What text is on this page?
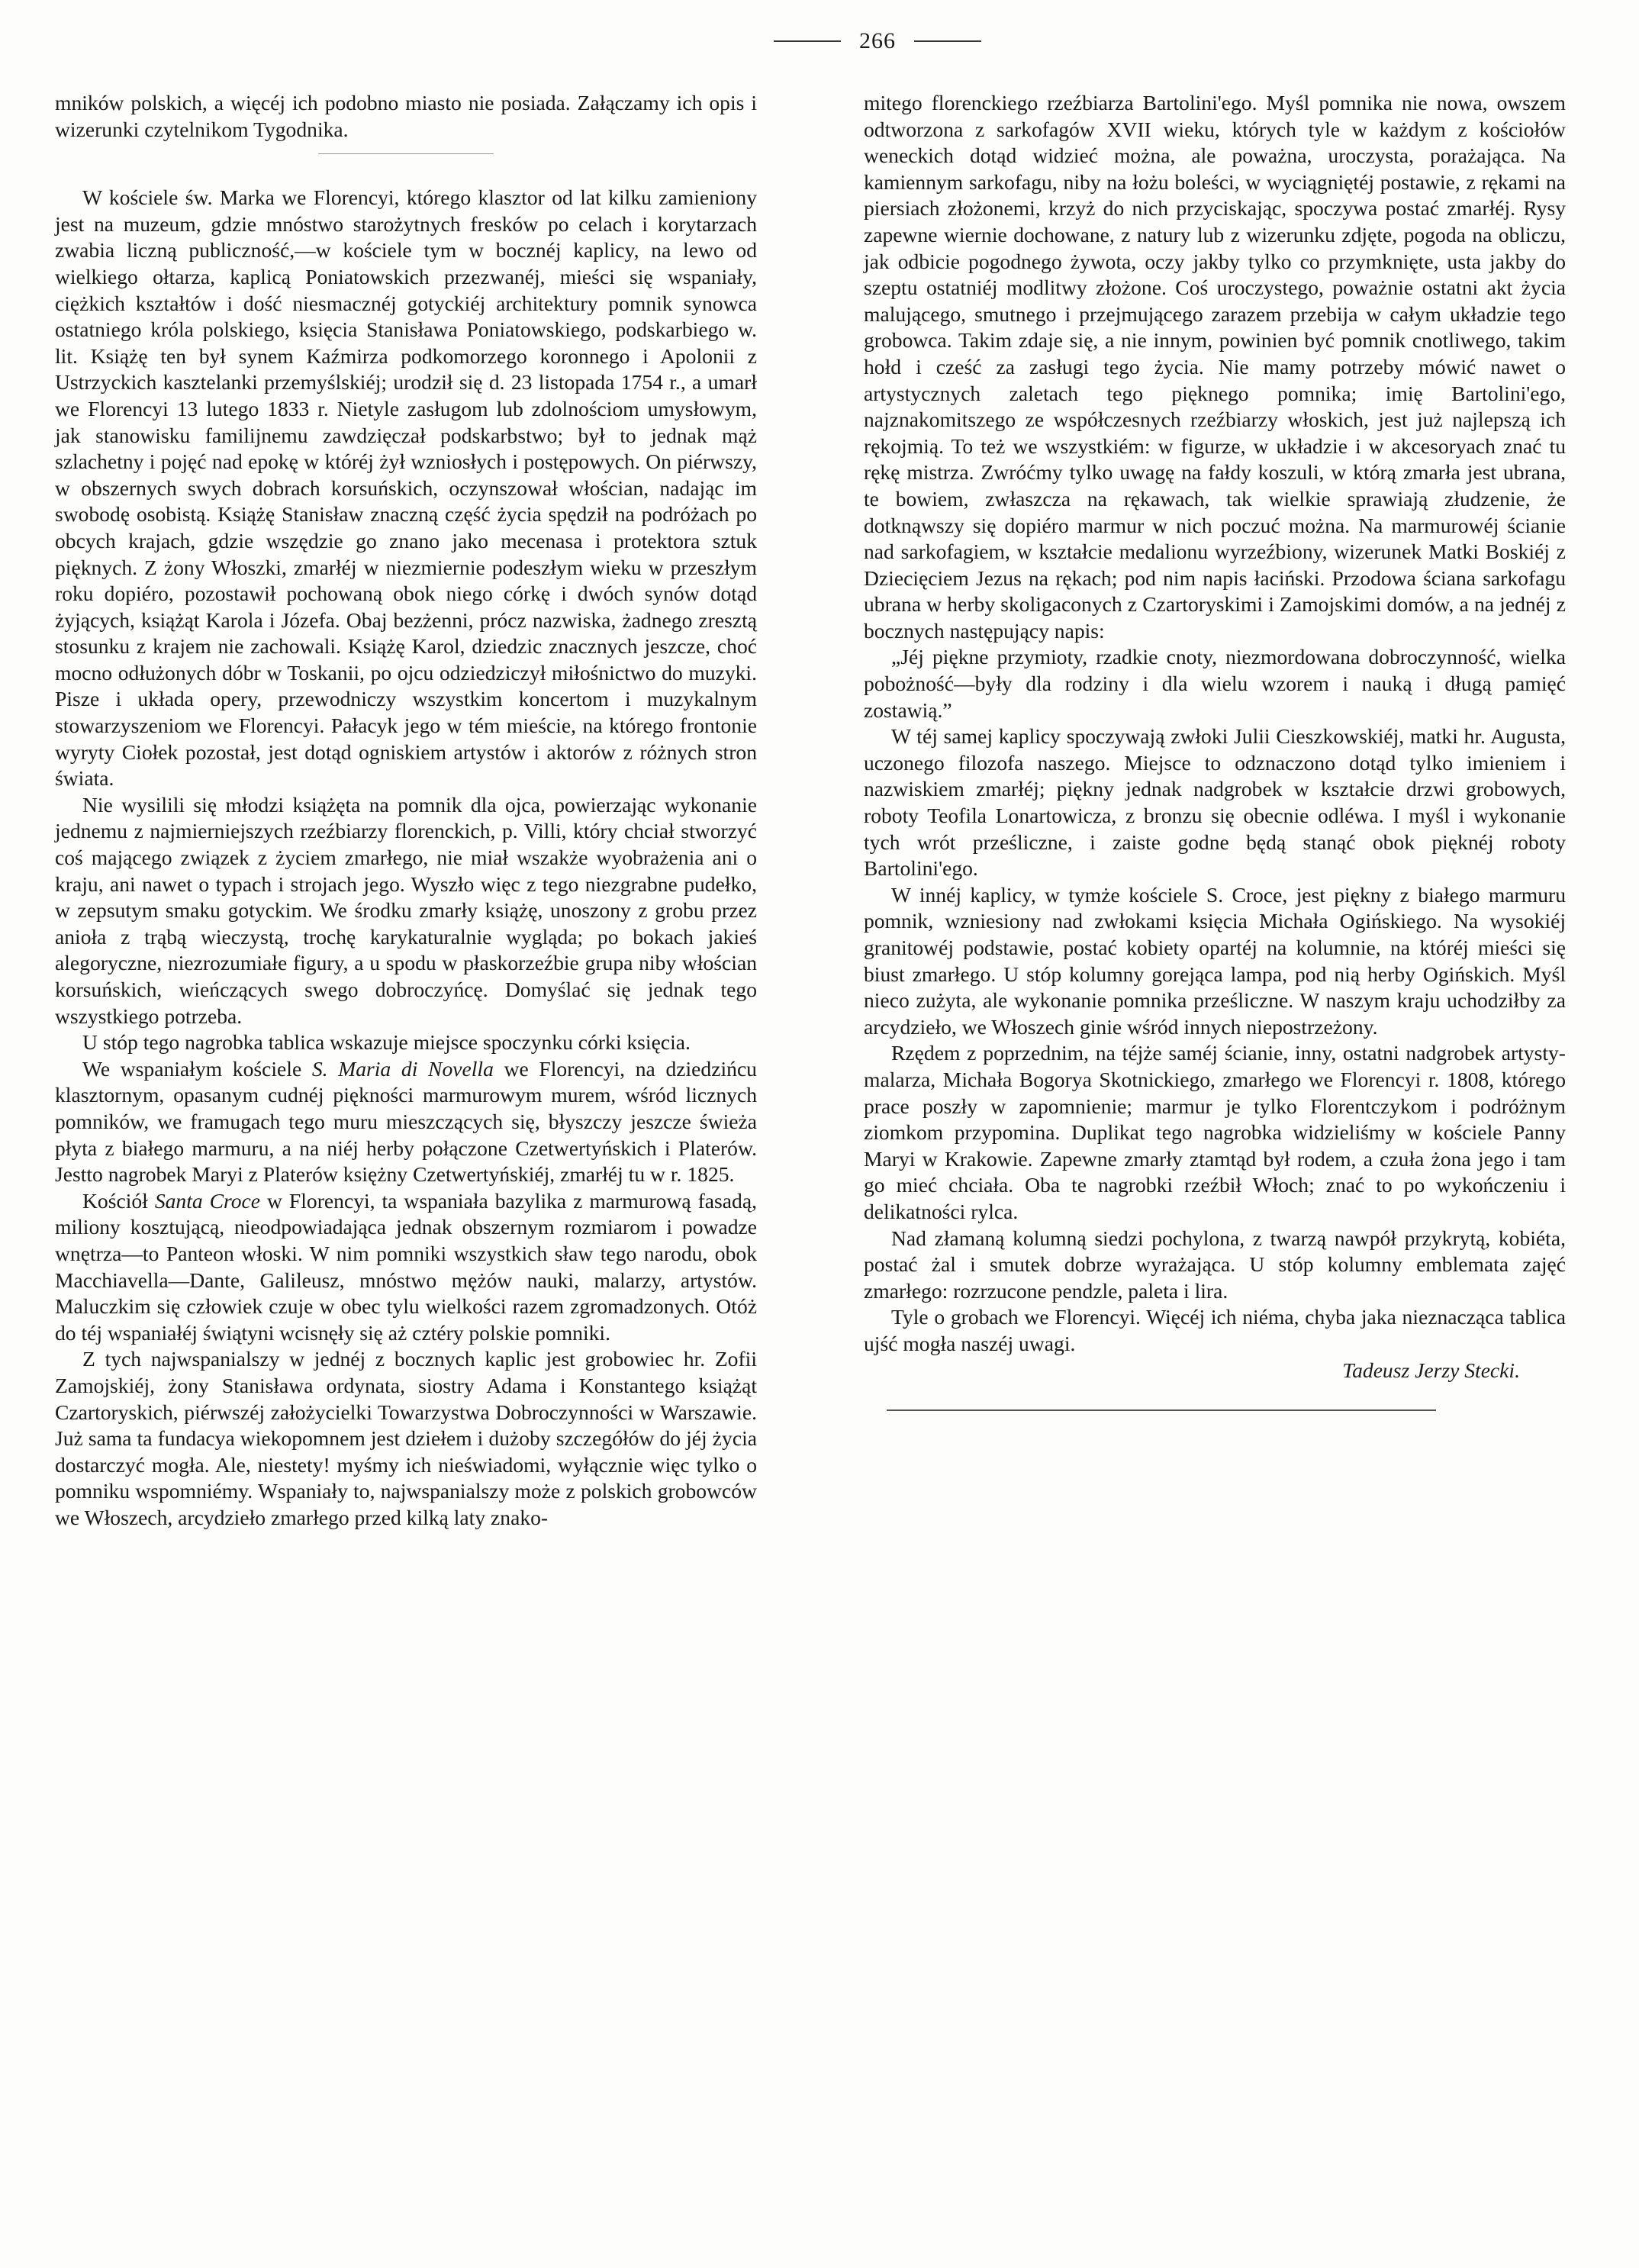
266

mników polskich, a więcéj ich podobno miasto nie posiada. Załączamy ich opis i wizerunki czytelnikom Tygodnika.

W kościele św. Marka we Florencyi, którego klasztor od lat kilku zamieniony jest na muzeum, gdzie mnóstwo starożytnych fresków po celach i korytarzach zwabia liczną publiczność,—w kościele tym w bocznéj kaplicy, na lewo od wielkiego ołtarza, kaplicą Poniatowskich przezwanéj, mieści się wspaniały, ciężkich kształtów i dość niesmacznéj gotyckiéj architektury pomnik synowca ostatniego króla polskiego, księcia Stanisława Poniatowskiego, podskarbiego w. lit. Książę ten był synem Kaźmirza podkomorzego koronnego i Apolonii z Ustrzyckich kasztelanki przemyślskiéj; urodził się d. 23 listopada 1754 r., a umarł we Florencyi 13 lutego 1833 r. Nietyle zasługom lub zdolnościom umysłowym, jak stanowisku familijnemu zawdzięczał podskarbstwo; był to jednak mąż szlachetny i pojęć nad epokę w któréj żył wzniosłych i postępowych. On piérwszy, w obszernych swych dobrach korsuńskich, oczynszował włościan, nadając im swobodę osobistą. Książę Stanisław znaczną część życia spędził na podróżach po obcych krajach, gdzie wszędzie go znano jako mecenasa i protektora sztuk pięknych. Z żony Włoszki, zmarłéj w niezmiernie podeszłym wieku w przeszłym roku dopiéro, pozostawił pochowaną obok niego córkę i dwóch synów dotąd żyjących, książąt Karola i Józefa. Obaj bezżenni, prócz nazwiska, żadnego zresztą stosunku z krajem nie zachowali. Książę Karol, dziedzic znacznych jeszcze, choć mocno odłużonych dóbr w Toskanii, po ojcu odziedziczył miłośnictwo do muzyki. Pisze i układa opery, przewodniczy wszystkim koncertom i muzykalnym stowarzyszeniom we Florencyi. Pałacyk jego w tém mieście, na którego frontonie wyryty Ciołek pozostał, jest dotąd ogniskiem artystów i aktorów z różnych stron świata.

Nie wysilili się młodzi książęta na pomnik dla ojca, powierzając wykonanie jednemu z najmierniejszych rzeźbiarzy florenckich, p. Villi, który chciał stworzyć coś mającego związek z życiem zmarłego, nie miał wszakże wyobrażenia ani o kraju, ani nawet o typach i strojach jego. Wyszło więc z tego niezgrabne pudełko, w zepsutym smaku gotyckim. We środku zmarły książę, unoszony z grobu przez anioła z trąbą wieczystą, trochę karykaturalnie wygląda; po bokach jakieś alegoryczne, niezrozumiałe figury, a u spodu w płaskorzeźbie grupa niby włościan korsuńskich, wieńczących swego dobroczyńcę. Domyślać się jednak tego wszystkiego potrzeba.

U stóp tego nagrobka tablica wskazuje miejsce spoczynku córki księcia.

We wspaniałym kościele S. Maria di Novella we Florencyi, na dziedzińcu klasztornym, opasanym cudnéj piękności marmurowym murem, wśród licznych pomników, we framugach tego muru mieszczących się, błyszczy jeszcze świeża płyta z białego marmuru, a na niéj herby połączone Czetwertyńskich i Platerów. Jestto nagrobek Maryi z Platerów księżny Czetwertyńskiéj, zmarłéj tu w r. 1825.

Kościół Santa Croce w Florencyi, ta wspaniała bazylika z marmurową fasadą, miliony kosztującą, nieodpowiadająca jednak obszernym rozmiarom i powadze wnętrza—to Panteon włoski. W nim pomniki wszystkich sław tego narodu, obok Macchiavella—Dante, Galileusz, mnóstwo mężów nauki, malarzy, artystów. Maluczkim się człowiek czuje w obec tylu wielkości razem zgromadzonych. Otóż do téj wspaniałéj świątyni wcisnęły się aż cztéry polskie pomniki.

Z tych najwspanialszy w jednéj z bocznych kaplic jest grobowiec hr. Zofii Zamojskiéj, żony Stanisława ordynata, siostry Adama i Konstantego książąt Czartoryskich, piérwszéj założycielki Towarzystwa Dobroczynności w Warszawie. Już sama ta fundacya wiekopomnem jest dziełem i dużoby szczegółów do jéj życia dostarczyć mogła. Ale, niestety! myśmy ich nieświadomi, wyłącznie więc tylko o pomniku wspomniémy. Wspaniały to, najwspanialszy może z polskich grobowców we Włoszech, arcydzieło zmarłego przed kilką laty znako-

mitego florenckiego rzeźbiarza Bartolini'ego. Myśl pomnika nie nowa, owszem odtworzona z sarkofagów XVII wieku, których tyle w każdym z kościołów weneckich dotąd widzieć można, ale poważna, uroczysta, porażająca. Na kamiennym sarkofagu, niby na łożu boleści, w wyciągniętéj postawie, z rękami na piersiach złożonemi, krzyż do nich przyciskając, spoczywa postać zmarłéj. Rysy zapewne wiernie dochowane, z natury lub z wizerunku zdjęte, pogoda na obliczu, jak odbicie pogodnego żywota, oczy jakby tylko co przymknięte, usta jakby do szeptu ostatniéj modlitwy złożone. Coś uroczystego, poważnie ostatni akt życia malującego, smutnego i przejmującego zarazem przebija w całym układzie tego grobowca. Takim zdaje się, a nie innym, powinien być pomnik cnotliwego, takim hołd i cześć za zasługi tego życia. Nie mamy potrzeby mówić nawet o artystycznych zaletach tego pięknego pomnika; imię Bartolini'ego, najznakomitszego ze współczesnych rzeźbiarzy włoskich, jest już najlepszą ich rękojmią. To też we wszystkiém: w figurze, w układzie i w akcesoryach znać tu rękę mistrza. Zwróćmy tylko uwagę na fałdy koszuli, w którą zmarła jest ubrana, te bowiem, zwłaszcza na rękawach, tak wielkie sprawiają złudzenie, że dotknąwszy się dopiéro marmur w nich poczuć można. Na marmurowéj ścianie nad sarkofagiem, w kształcie medalionu wyrzeźbiony, wizerunek Matki Boskiéj z Dziecięciem Jezus na rękach; pod nim napis łaciński. Przodowa ściana sarkofagu ubrana w herby skoligaconych z Czartoryskimi i Zamojskimi domów, a na jednéj z bocznych następujący napis:

„Jéj piękne przymioty, rzadkie cnoty, niezmordowana dobroczynność, wielka pobożność—były dla rodziny i dla wielu wzorem i nauką i długą pamięć zostawią.”

W téj samej kaplicy spoczywają zwłoki Julii Cieszkowskiéj, matki hr. Augusta, uczonego filozofa naszego. Miejsce to odznaczono dotąd tylko imieniem i nazwiskiem zmarłéj; piękny jednak nadgrobek w kształcie drzwi grobowych, roboty Teofila Lonartowicza, z bronzu się obecnie odléwa. I myśl i wykonanie tych wrót prześliczne, i zaiste godne będą stanąć obok pięknéj roboty Bartolini'ego.

W innéj kaplicy, w tymże kościele S. Croce, jest piękny z białego marmuru pomnik, wzniesiony nad zwłokami księcia Michała Ogińskiego. Na wysokiéj granitowéj podstawie, postać kobiety opartéj na kolumnie, na któréj mieści się biust zmarłego. U stóp kolumny gorejąca lampa, pod nią herby Ogińskich. Myśl nieco zużyta, ale wykonanie pomnika prześliczne. W naszym kraju uchodziłby za arcydzieło, we Włoszech ginie wśród innych niepostrzeżony.

Rzędem z poprzednim, na téjże saméj ścianie, inny, ostatni nadgrobek artysty-malarza, Michała Bogorya Skotnickiego, zmarłego we Florencyi r. 1808, którego prace poszły w zapomnienie; marmur je tylko Florentczykom i podróżnym ziomkom przypomina. Duplikat tego nagrobka widzieliśmy w kościele Panny Maryi w Krakowie. Zapewne zmarły ztamtąd był rodem, a czuła żona jego i tam go mieć chciała. Oba te nagrobki rzeźbił Włoch; znać to po wykończeniu i delikatności rylca.

Nad złamaną kolumną siedzi pochylona, z twarzą nawpół przykrytą, kobiéta, postać żal i smutek dobrze wyrażająca. U stóp kolumny emblemata zajęć zmarłego: rozrzucone pendzle, paleta i lira.

Tyle o grobach we Florencyi. Więcéj ich niéma, chyba jaka nieznacząca tablica ujść mogła naszéj uwagi.

Tadeusz Jerzy Stecki.
